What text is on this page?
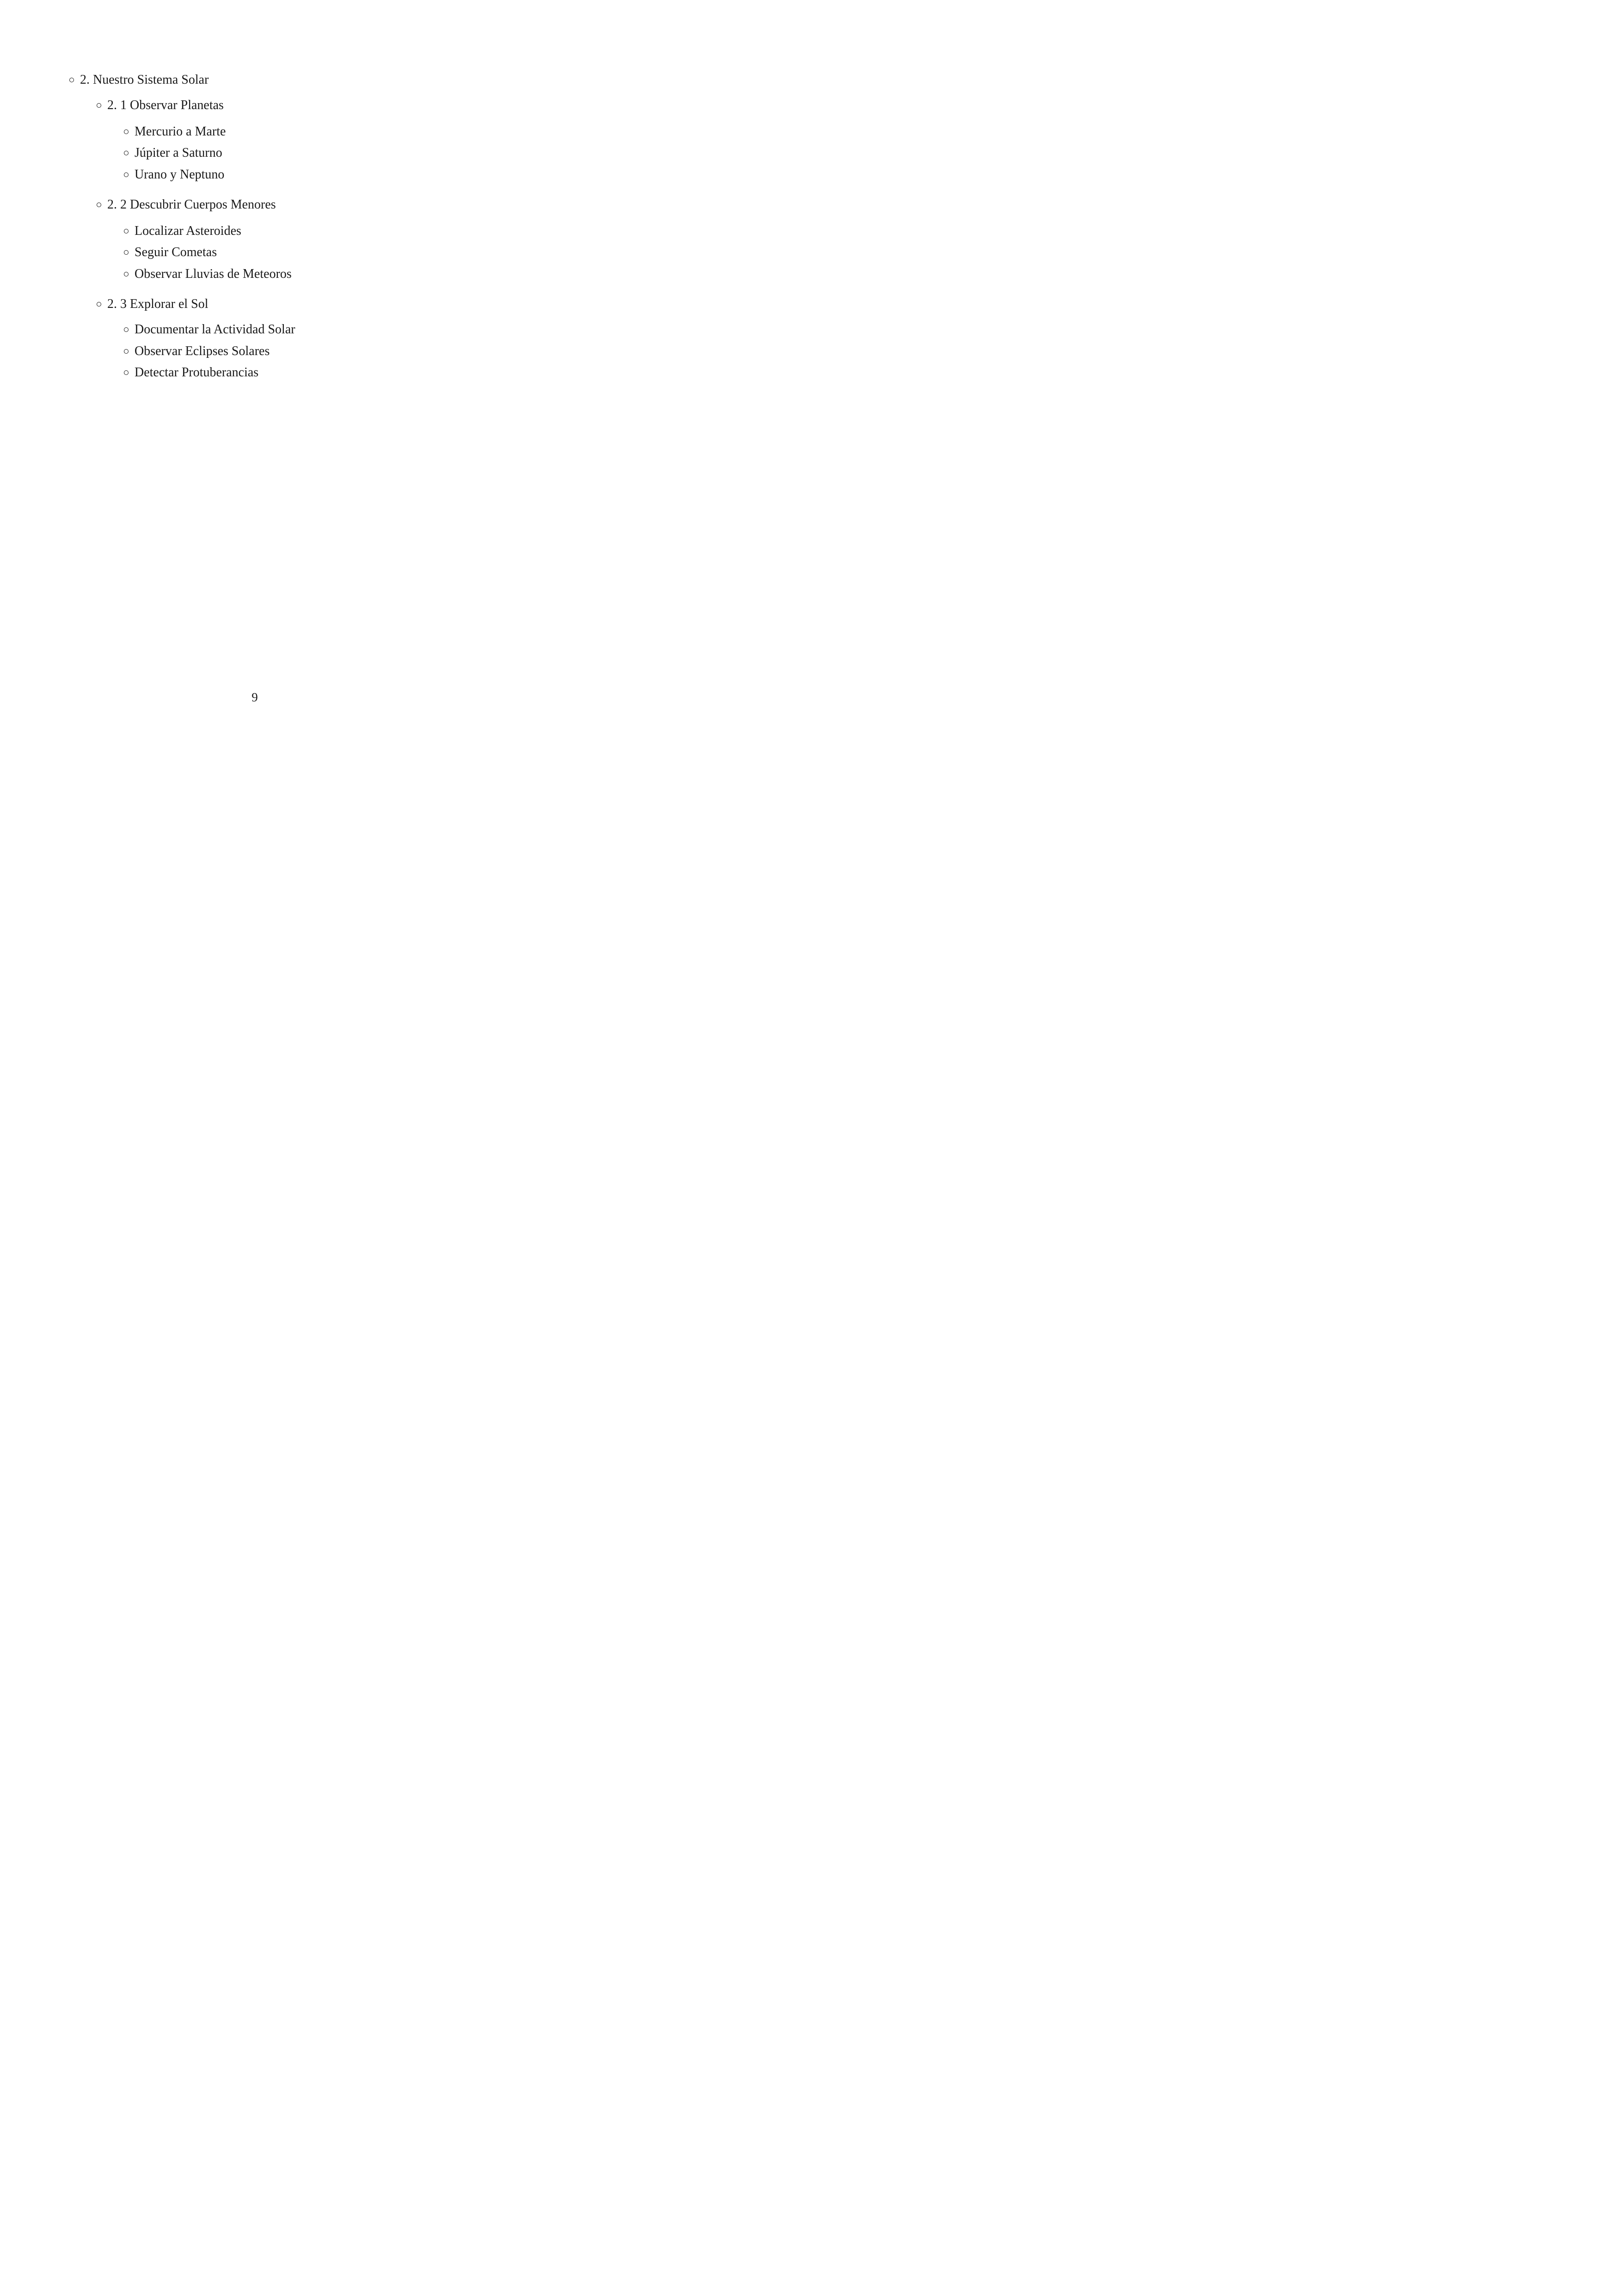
2. Nuestro Sistema Solar
2. 1 Observar Planetas
Mercurio a Marte
Júpiter a Saturno
Urano y Neptuno
2. 2 Descubrir Cuerpos Menores
Localizar Asteroides
Seguir Cometas
Observar Lluvias de Meteoros
2. 3 Explorar el Sol
Documentar la Actividad Solar
Observar Eclipses Solares
Detectar Protuberancias
9
